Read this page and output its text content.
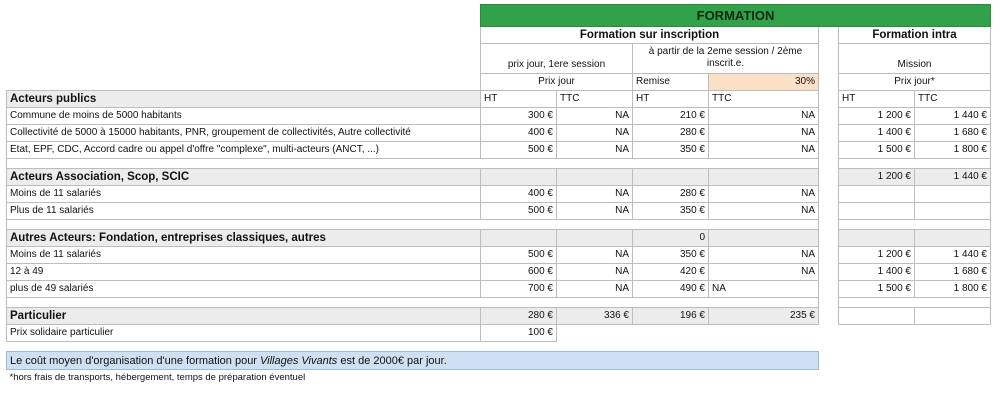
	FORMATION						
	Formation sur inscription					Formation intra	
	prix jour, 1ere session		à partir de la 2eme session / 2ème inscrit.e.			Mission	
	Prix jour		Remise	30%		Prix jour*	
Acteurs publics	HT	TTC	HT	TTC		HT	TTC
Commune de moins de 5000 habitants	300 €	NA	210 €	NA		1 200 €	1 440 €
Collectivité de 5000 à 15000 habitants, PNR, groupement de collectivités, Autre collectivité	400 €	NA	280 €	NA		1 400 €	1 680 €
Etat, EPF, CDC, Accord cadre ou appel d'offre "complexe", multi-acteurs (ANCT, ...)	500 €	NA	350 €	NA		1 500 €	1 800 €

Acteurs Association, Scop, SCIC						1 200 €	1 440 €
Moins de 11 salariés	400 €	NA	280 €	NA			
Plus de 11 salariés	500 €	NA	350 €	NA			

Autres Acteurs: Fondation, entreprises classiques, autres			0				
Moins de 11 salariés	500 €	NA	350 €	NA		1 200 €	1 440 €
12 à 49	600 €	NA	420 €	NA		1 400 €	1 680 €
plus de 49 salariés	700 €	NA	490 €	NA		1 500 €	1 800 €

Particulier	280 €	336 €	196 €	235 €			
Prix solidaire particulier	100 €						

Le coût moyen d'organisation d'une formation pour Villages Vivants est de 2000€ par jour.							
*hors frais de transports, hébergement, temps de préparation éventuel							
